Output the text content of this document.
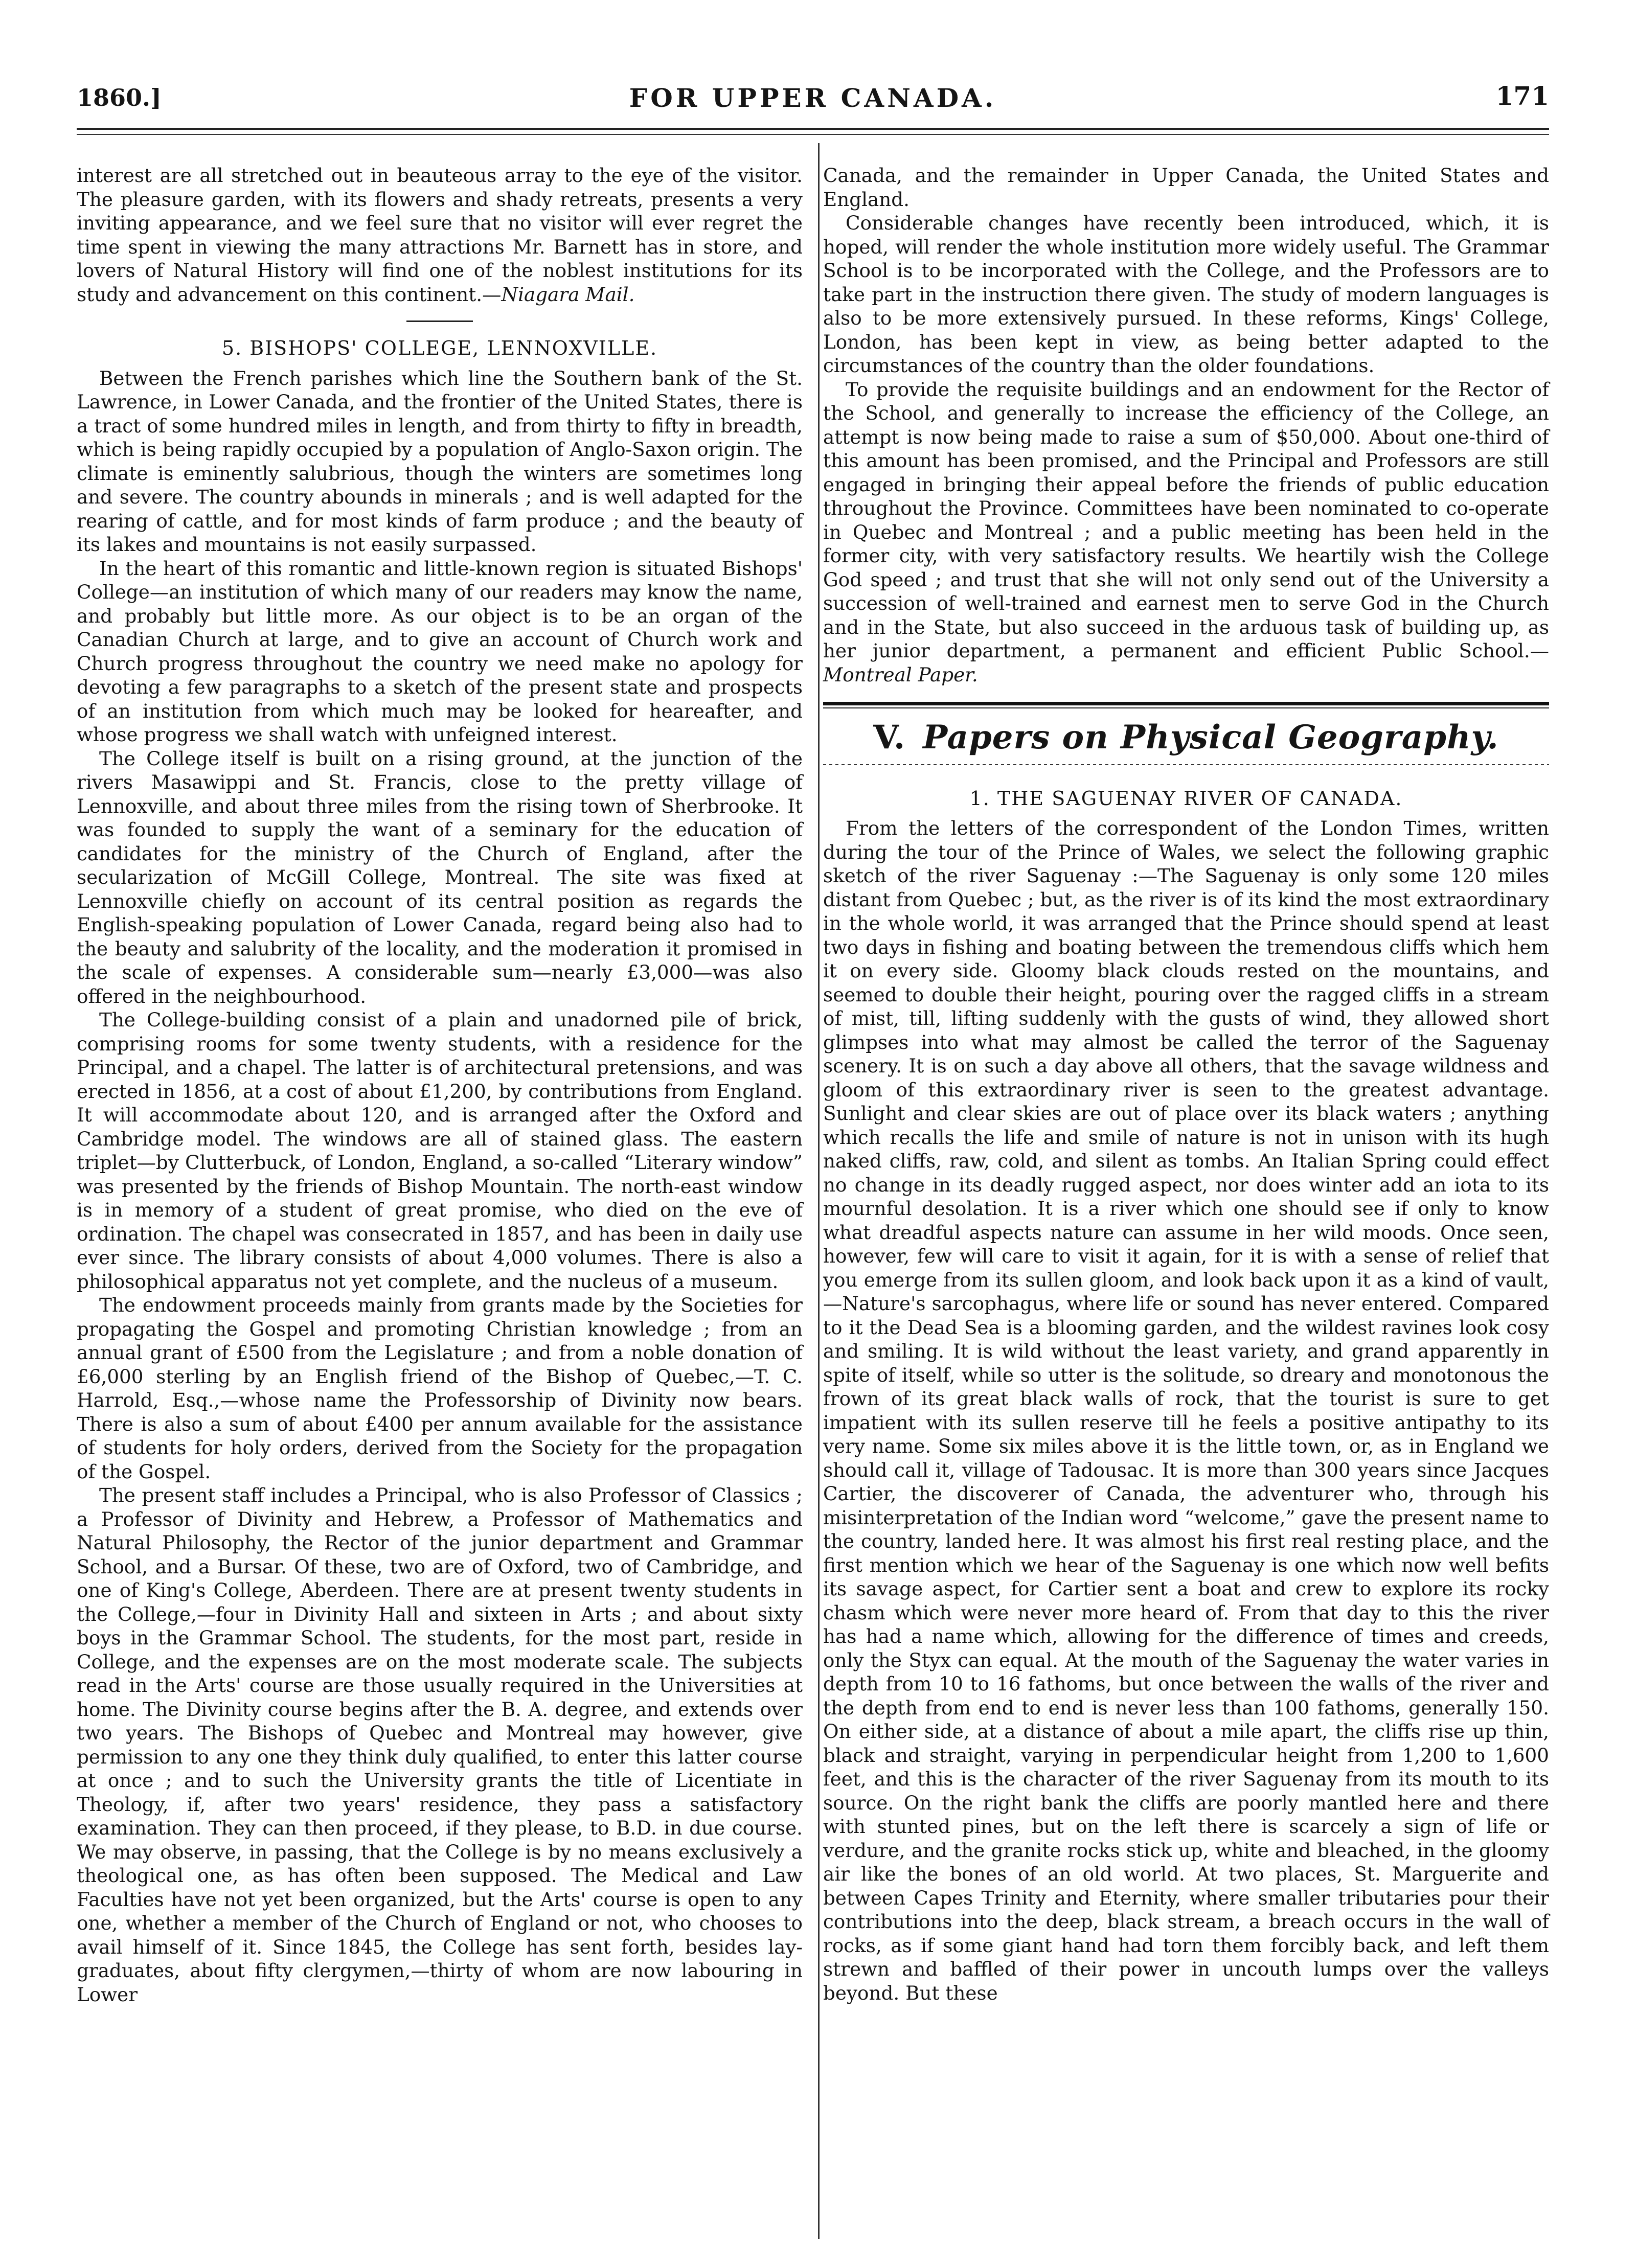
1860.]	FOR UPPER CANADA.	171

interest are all stretched out in beauteous array to the eye of the visitor. The pleasure garden, with its flowers and shady retreats, presents a very inviting appearance, and we feel sure that no visitor will ever regret the time spent in viewing the many attractions Mr. Barnett has in store, and lovers of Natural History will find one of the noblest institutions for its study and advancement on this continent.—Niagara Mail.

5. BISHOPS' COLLEGE, LENNOXVILLE.

Between the French parishes which line the Southern bank of the St. Lawrence, in Lower Canada, and the frontier of the United States, there is a tract of some hundred miles in length, and from thirty to fifty in breadth, which is being rapidly occupied by a population of Anglo-Saxon origin. The climate is eminently salubrious, though the winters are sometimes long and severe. The country abounds in minerals ; and is well adapted for the rearing of cattle, and for most kinds of farm produce ; and the beauty of its lakes and mountains is not easily surpassed.

In the heart of this romantic and little-known region is situated Bishops' College—an institution of which many of our readers may know the name, and probably but little more. As our object is to be an organ of the Canadian Church at large, and to give an account of Church work and Church progress throughout the country we need make no apology for devoting a few paragraphs to a sketch of the present state and prospects of an institution from which much may be looked for heareafter, and whose progress we shall watch with unfeigned interest.

The College itself is built on a rising ground, at the junction of the rivers Masawippi and St. Francis, close to the pretty village of Lennoxville, and about three miles from the rising town of Sherbrooke. It was founded to supply the want of a seminary for the education of candidates for the ministry of the Church of England, after the secularization of McGill College, Montreal. The site was fixed at Lennoxville chiefly on account of its central position as regards the English-speaking population of Lower Canada, regard being also had to the beauty and salubrity of the locality, and the moderation it promised in the scale of expenses. A considerable sum—nearly £3,000—was also offered in the neighbourhood.

The College-building consist of a plain and unadorned pile of brick, comprising rooms for some twenty students, with a residence for the Principal, and a chapel. The latter is of architectural pretensions, and was erected in 1856, at a cost of about £1,200, by contributions from England. It will accommodate about 120, and is arranged after the Oxford and Cambridge model. The windows are all of stained glass. The eastern triplet—by Clutterbuck, of London, England, a so-called “Literary window” was presented by the friends of Bishop Mountain. The north-east window is in memory of a student of great promise, who died on the eve of ordination. The chapel was consecrated in 1857, and has been in daily use ever since. The library consists of about 4,000 volumes. There is also a philosophical apparatus not yet complete, and the nucleus of a museum.

The endowment proceeds mainly from grants made by the Societies for propagating the Gospel and promoting Christian knowledge ; from an annual grant of £500 from the Legislature ; and from a noble donation of £6,000 sterling by an English friend of the Bishop of Quebec,—T. C. Harrold, Esq.,—whose name the Professorship of Divinity now bears. There is also a sum of about £400 per annum available for the assistance of students for holy orders, derived from the Society for the propagation of the Gospel.

The present staff includes a Principal, who is also Professor of Classics ; a Professor of Divinity and Hebrew, a Professor of Mathematics and Natural Philosophy, the Rector of the junior department and Grammar School, and a Bursar. Of these, two are of Oxford, two of Cambridge, and one of King's College, Aberdeen. There are at present twenty students in the College,—four in Divinity Hall and sixteen in Arts ; and about sixty boys in the Grammar School. The students, for the most part, reside in College, and the expenses are on the most moderate scale. The subjects read in the Arts' course are those usually required in the Universities at home. The Divinity course begins after the B. A. degree, and extends over two years. The Bishops of Quebec and Montreal may however, give permission to any one they think duly qualified, to enter this latter course at once ; and to such the University grants the title of Licentiate in Theology, if, after two years' residence, they pass a satisfactory examination. They can then proceed, if they please, to B.D. in due course. We may observe, in passing, that the College is by no means exclusively a theological one, as has often been supposed. The Medical and Law Faculties have not yet been organized, but the Arts' course is open to any one, whether a member of the Church of England or not, who chooses to avail himself of it. Since 1845, the College has sent forth, besides lay-graduates, about fifty clergymen,—thirty of whom are now labouring in Lower

Canada, and the remainder in Upper Canada, the United States and England.

Considerable changes have recently been introduced, which, it is hoped, will render the whole institution more widely useful. The Grammar School is to be incorporated with the College, and the Professors are to take part in the instruction there given. The study of modern languages is also to be more extensively pursued. In these reforms, Kings' College, London, has been kept in view, as being better adapted to the circumstances of the country than the older foundations.

To provide the requisite buildings and an endowment for the Rector of the School, and generally to increase the efficiency of the College, an attempt is now being made to raise a sum of $50,000. About one-third of this amount has been promised, and the Principal and Professors are still engaged in bringing their appeal before the friends of public education throughout the Province. Committees have been nominated to co-operate in Quebec and Montreal ; and a public meeting has been held in the former city, with very satisfactory results. We heartily wish the College God speed ; and trust that she will not only send out of the University a succession of well-trained and earnest men to serve God in the Church and in the State, but also succeed in the arduous task of building up, as her junior department, a permanent and efficient Public School.—Montreal Paper.

V. Papers on Physical Geography.
1. THE SAGUENAY RIVER OF CANADA.

From the letters of the correspondent of the London Times, written during the tour of the Prince of Wales, we select the following graphic sketch of the river Saguenay :—The Saguenay is only some 120 miles distant from Quebec ; but, as the river is of its kind the most extraordinary in the whole world, it was arranged that the Prince should spend at least two days in fishing and boating between the tremendous cliffs which hem it on every side. Gloomy black clouds rested on the mountains, and seemed to double their height, pouring over the ragged cliffs in a stream of mist, till, lifting suddenly with the gusts of wind, they allowed short glimpses into what may almost be called the terror of the Saguenay scenery. It is on such a day above all others, that the savage wildness and gloom of this extraordinary river is seen to the greatest advantage. Sunlight and clear skies are out of place over its black waters ; anything which recalls the life and smile of nature is not in unison with its hugh naked cliffs, raw, cold, and silent as tombs. An Italian Spring could effect no change in its deadly rugged aspect, nor does winter add an iota to its mournful desolation. It is a river which one should see if only to know what dreadful aspects nature can assume in her wild moods. Once seen, however, few will care to visit it again, for it is with a sense of relief that you emerge from its sullen gloom, and look back upon it as a kind of vault,—Nature's sarcophagus, where life or sound has never entered. Compared to it the Dead Sea is a blooming garden, and the wildest ravines look cosy and smiling. It is wild without the least variety, and grand apparently in spite of itself, while so utter is the solitude, so dreary and monotonous the frown of its great black walls of rock, that the tourist is sure to get impatient with its sullen reserve till he feels a positive antipathy to its very name. Some six miles above it is the little town, or, as in England we should call it, village of Tadousac. It is more than 300 years since Jacques Cartier, the discoverer of Canada, the adventurer who, through his misinterpretation of the Indian word “welcome,” gave the present name to the country, landed here. It was almost his first real resting place, and the first mention which we hear of the Saguenay is one which now well befits its savage aspect, for Cartier sent a boat and crew to explore its rocky chasm which were never more heard of. From that day to this the river has had a name which, allowing for the difference of times and creeds, only the Styx can equal. At the mouth of the Saguenay the water varies in depth from 10 to 16 fathoms, but once between the walls of the river and the depth from end to end is never less than 100 fathoms, generally 150. On either side, at a distance of about a mile apart, the cliffs rise up thin, black and straight, varying in perpendicular height from 1,200 to 1,600 feet, and this is the character of the river Saguenay from its mouth to its source. On the right bank the cliffs are poorly mantled here and there with stunted pines, but on the left there is scarcely a sign of life or verdure, and the granite rocks stick up, white and bleached, in the gloomy air like the bones of an old world. At two places, St. Marguerite and between Capes Trinity and Eternity, where smaller tributaries pour their contributions into the deep, black stream, a breach occurs in the wall of rocks, as if some giant hand had torn them forcibly back, and left them strewn and baffled of their power in uncouth lumps over the valleys beyond. But these
